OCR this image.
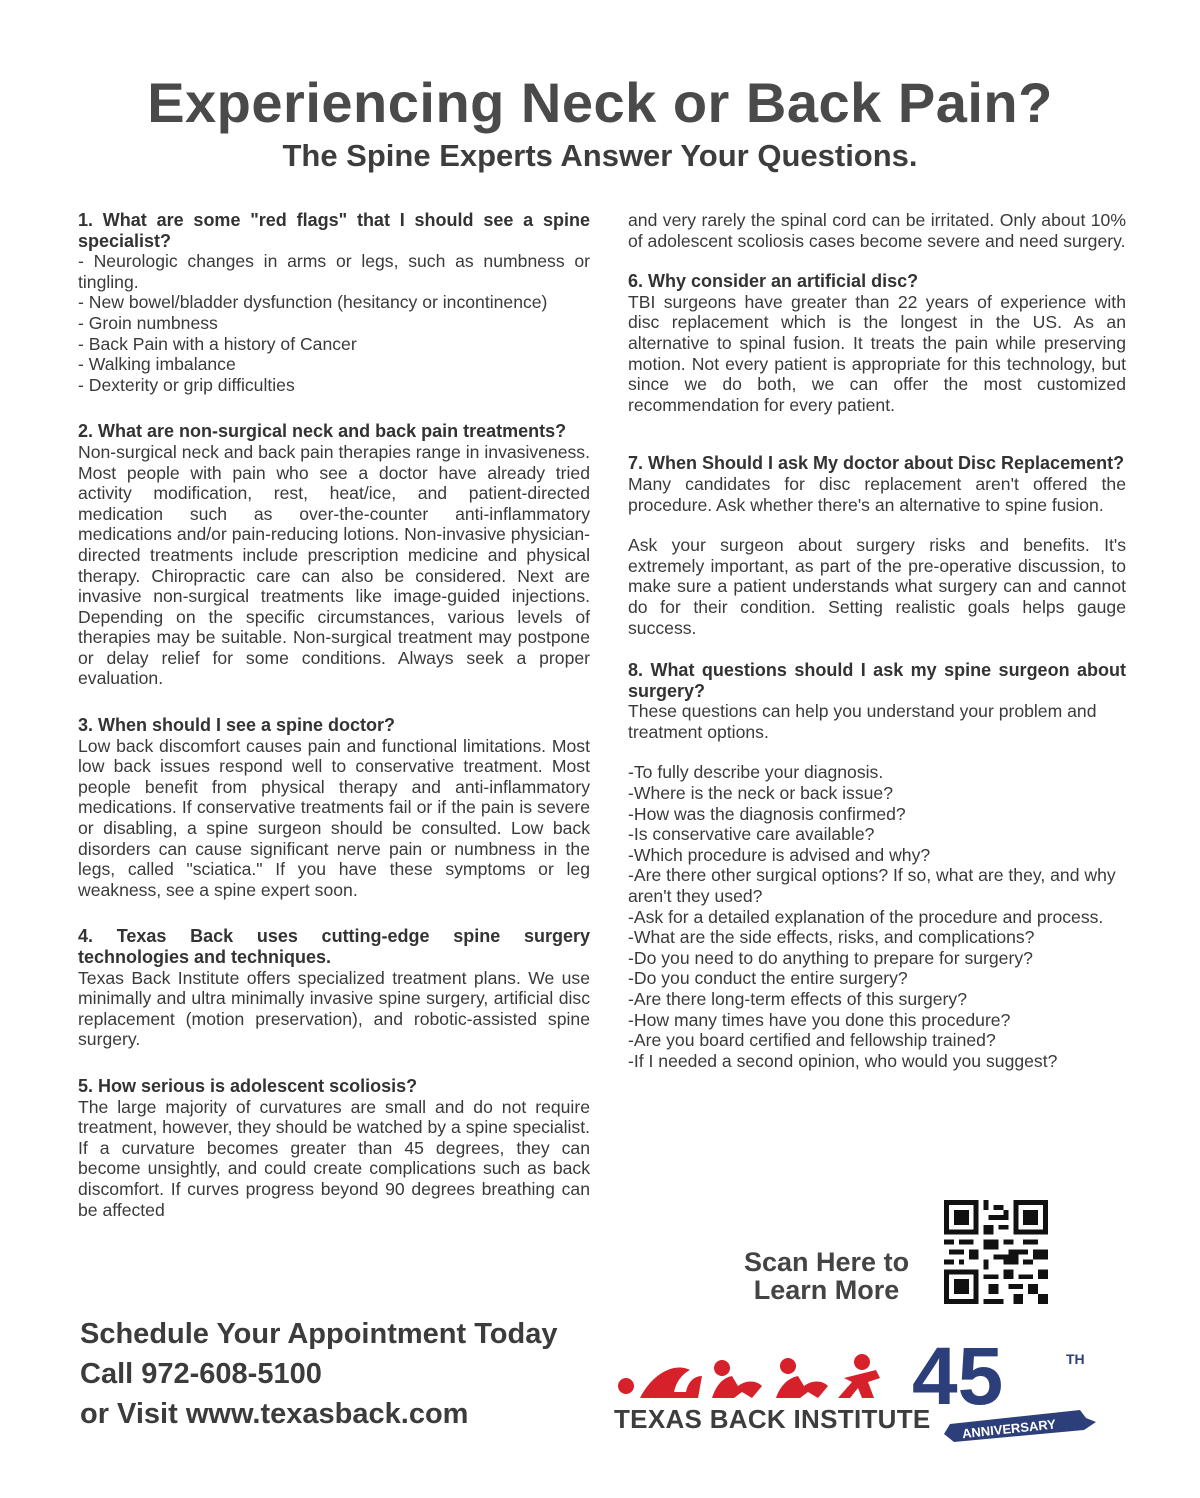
Experiencing Neck or Back Pain?
The Spine Experts Answer Your Questions.

1. What are some "red flags" that I should see a spine specialist?

- Neurologic changes in arms or legs, such as numbness or tingling.

- New bowel/bladder dysfunction (hesitancy or incontinence)

- Groin numbness

- Back Pain with a history of Cancer

- Walking imbalance

- Dexterity or grip difficulties

2. What are non-surgical neck and back pain treatments?

Non-surgical neck and back pain therapies range in invasiveness. Most people with pain who see a doctor have already tried activity modification, rest, heat/ice, and patient-directed medication such as over-the-counter anti-inflammatory medications and/or pain-reducing lotions. Non-invasive physician-directed treatments include prescription medicine and physical therapy. Chiropractic care can also be considered. Next are invasive non-surgical treatments like image-guided injections. Depending on the specific circumstances, various levels of therapies may be suitable. Non-surgical treatment may postpone or delay relief for some conditions. Always seek a proper evaluation.

3. When should I see a spine doctor?

Low back discomfort causes pain and functional limitations. Most low back issues respond well to conservative treatment. Most people benefit from physical therapy and anti-inflammatory medications. If conservative treatments fail or if the pain is severe or disabling, a spine surgeon should be consulted. Low back disorders can cause significant nerve pain or numbness in the legs, called "sciatica." If you have these symptoms or leg weakness, see a spine expert soon.

4. Texas Back uses cutting-edge spine surgery technologies and techniques.

Texas Back Institute offers specialized treatment plans. We use minimally and ultra minimally invasive spine surgery, artificial disc replacement (motion preservation), and robotic-assisted spine surgery.

5. How serious is adolescent scoliosis?

The large majority of curvatures are small and do not require treatment, however, they should be watched by a spine specialist. If a curvature becomes greater than 45 degrees, they can become unsightly, and could create complications such as back discomfort. If curves progress beyond 90 degrees breathing can be affected

and very rarely the spinal cord can be irritated. Only about 10% of adolescent scoliosis cases become severe and need surgery.

6. Why consider an artificial disc?

TBI surgeons have greater than 22 years of experience with disc replacement which is the longest in the US. As an alternative to spinal fusion. It treats the pain while preserving motion. Not every patient is appropriate for this technology, but since we do both, we can offer the most customized recommendation for every patient.

7. When Should I ask My doctor about Disc Replacement?

Many candidates for disc replacement aren't offered the procedure. Ask whether there's an alternative to spine fusion.

Ask your surgeon about surgery risks and benefits. It's extremely important, as part of the pre-operative discussion, to make sure a patient understands what surgery can and cannot do for their condition. Setting realistic goals helps gauge success.

8. What questions should I ask my spine surgeon about surgery?

These questions can help you understand your problem and treatment options.

-To fully describe your diagnosis.

-Where is the neck or back issue?

-How was the diagnosis confirmed?

-Is conservative care available?

-Which procedure is advised and why?

-Are there other surgical options? If so, what are they, and why aren't they used?

-Ask for a detailed explanation of the procedure and process.

-What are the side effects, risks, and complications?

-Do you need to do anything to prepare for surgery?

-Do you conduct the entire surgery?

-Are there long-term effects of this surgery?

-How many times have you done this procedure?

-Are you board certified and fellowship trained?

-If I needed a second opinion, who would you suggest?

Scan Here to
Learn More
Schedule Your Appointment Today
Call 972-608-5100
or Visit www.texasback.com	45	TH
ANNIVERSARY
TEXAS BACK INSTITUTE
